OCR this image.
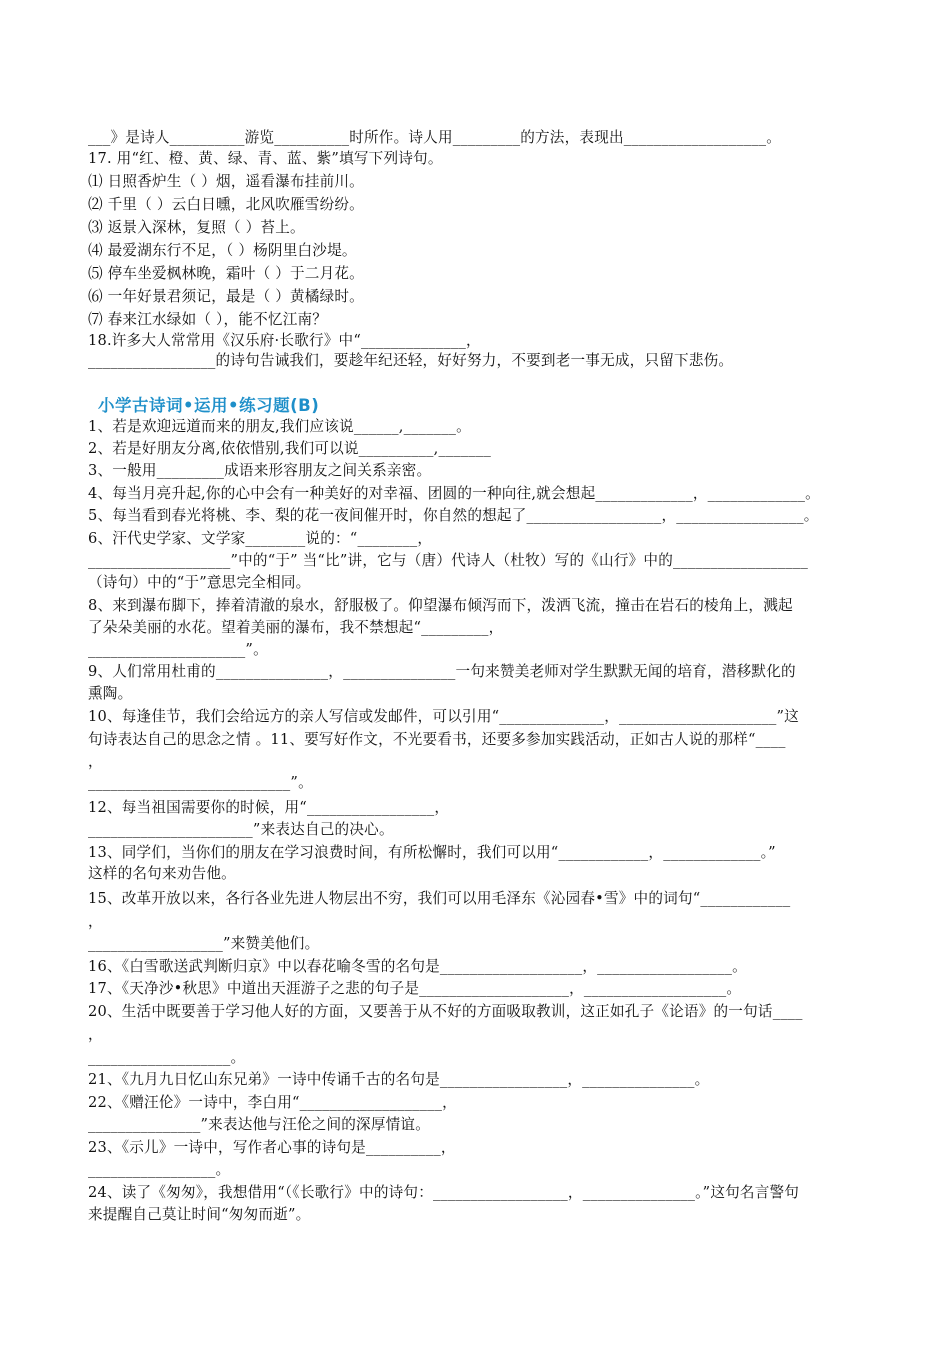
___》是诗人__________游览__________时所作。诗人用_________的方法，表现出___________________。
17. 用“红、橙、黄、绿、青、蓝、紫”填写下列诗句。
⑴ 日照香炉生（ ）烟，遥看瀑布挂前川。
⑵ 千里（ ）云白日曛，北风吹雁雪纷纷。
⑶ 返景入深林，复照（ ）苔上。
⑷ 最爱湖东行不足，（ ）杨阴里白沙堤。
⑸ 停车坐爱枫林晚，霜叶（ ）于二月花。
⑹ 一年好景君须记，最是（ ）黄橘绿时。
⑺ 春来江水绿如（ ），能不忆江南？
18.许多大人常常用《汉乐府·长歌行》中“______________，
_________________的诗句告诫我们，要趁年纪还轻，好好努力，不要到老一事无成，只留下悲伤。
小学古诗词•运用•练习题(B)
1、若是欢迎远道而来的朋友,我们应该说______,_______。
2、若是好朋友分离,依依惜别,我们可以说__________,_______
3、一般用_________成语来形容朋友之间关系亲密。
4、每当月亮升起,你的心中会有一种美好的对幸福、团圆的一种向往,就会想起_____________，_____________。
5、每当看到春光将桃、李、梨的花一夜间催开时，你自然的想起了__________________，_________________。
6、汗代史学家、文学家________说的：“________，
___________________”中的“于” 当“比”讲，它与（唐）代诗人（杜牧）写的《山行》中的__________________
（诗句）中的“于”意思完全相同。
8、来到瀑布脚下，捧着清澈的泉水，舒服极了。仰望瀑布倾泻而下，泼洒飞流，撞击在岩石的棱角上，溅起
了朵朵美丽的水花。望着美丽的瀑布，我不禁想起“_________，
_____________________”。
9、人们常用杜甫的_______________，_______________一句来赞美老师对学生默默无闻的培育，潜移默化的
熏陶。
10、每逢佳节，我们会给远方的亲人写信或发邮件，可以引用“______________，_____________________”这
句诗表达自己的思念之情 。11、要写好作文，不光要看书，还要多参加实践活动，正如古人说的那样“____
，
___________________________”。
12、每当祖国需要你的时候，用“_________________，
______________________”来表达自己的决心。
13、同学们，当你们的朋友在学习浪费时间，有所松懈时，我们可以用“____________，_____________。”
这样的名句来劝告他。
15、改革开放以来，各行各业先进人物层出不穷，我们可以用毛泽东《沁园春•雪》中的词句“____________
，
__________________”来赞美他们。
16、《白雪歌送武判断归京》中以春花喻冬雪的名句是___________________，__________________。
17、《天净沙•秋思》中道出天涯游子之悲的句子是____________________，___________________。
20、生活中既要善于学习他人好的方面，又要善于从不好的方面吸取教训，这正如孔子《论语》的一句话____
，
___________________。
21、《九月九日忆山东兄弟》一诗中传诵千古的名句是_________________，_______________。
22、《赠汪伦》一诗中，李白用“___________________，
_______________”来表达他与汪伦之间的深厚情谊。
23、《示儿》一诗中，写作者心事的诗句是__________，
_________________。
24、读了《匆匆》，我想借用“（《长歌行》中的诗句：__________________，_______________。”这句名言警句
来提醒自己莫让时间“匆匆而逝”。
